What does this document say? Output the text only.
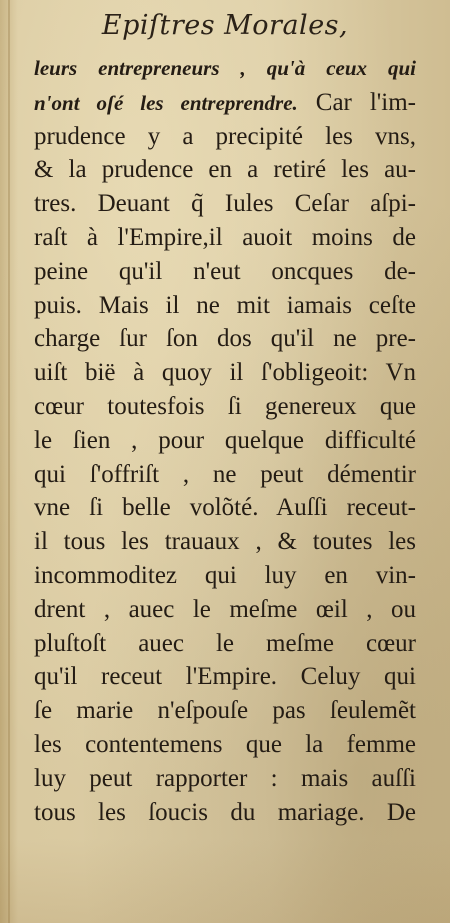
Epiſtres Morales,
leurs entrepreneurs , qu'à ceux qui
n'ont oſé les entreprendre. Car l'im-
prudence y a precipité les vns,
& la prudence en a retiré les au-
tres. Deuant q̃ Iules Ceſar aſpi-
raſt à l'Empire,il auoit moins de
peine qu'il n'eut oncques de-
puis. Mais il ne mit iamais ceſte
charge ſur ſon dos qu'il ne pre-
uiſt bië à quoy il ſ'obligeoit: Vn
cœur toutesfois ſi genereux que
le ſien , pour quelque difficulté
qui ſ'offriſt , ne peut démentir
vne ſi belle volõté. Auſſi receut-
il tous les trauaux , & toutes les
incommoditez qui luy en vin-
drent , auec le meſme œil , ou
pluſtoſt auec le meſme cœur
qu'il receut l'Empire. Celuy qui
ſe marie n'eſpouſe pas ſeulemẽt
les contentemens que la femme
luy peut rapporter : mais auſſi
tous les ſoucis du mariage. De
